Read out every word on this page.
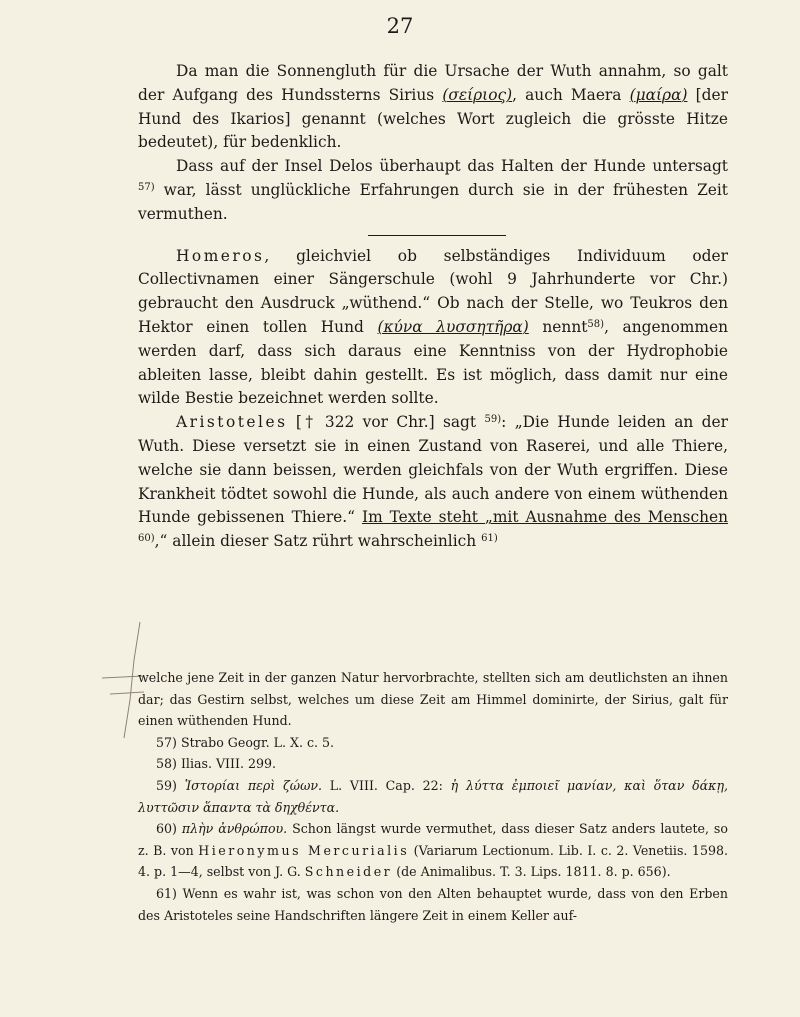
27

Da man die Sonnengluth für die Ursache der Wuth annahm, so galt der Aufgang des Hundssterns Sirius (σείριος), auch Maera (μαίρα) [der Hund des Ikarios] genannt (welches Wort zugleich die grösste Hitze bedeutet), für bedenklich.

Dass auf der Insel Delos überhaupt das Halten der Hunde untersagt $^{57)}$ war, lässt unglückliche Erfahrungen durch sie in der frühesten Zeit vermuthen.

Homeros, gleichviel ob selbständiges Individuum oder Collectivnamen einer Sängerschule (wohl 9 Jahrhunderte vor Chr.) gebraucht den Ausdruck „wüthend.“ Ob nach der Stelle, wo Teukros den Hektor einen tollen Hund (κύνα λυσσητῆρα) nennt$^{58)}$, angenommen werden darf, dass sich daraus eine Kenntniss von der Hydrophobie ableiten lasse, bleibt dahin gestellt. Es ist möglich, dass damit nur eine wilde Bestie bezeichnet werden sollte.

Aristoteles [† 322 vor Chr.] sagt $^{59)}$: „Die Hunde leiden an der Wuth. Diese versetzt sie in einen Zustand von Raserei, und alle Thiere, welche sie dann beissen, werden gleichfals von der Wuth ergriffen. Diese Krankheit tödtet sowohl die Hunde, als auch andere von einem wüthenden Hunde gebissenen Thiere.“ Im Texte steht „mit Ausnahme des Menschen $^{60)}$,“ allein dieser Satz rührt wahrscheinlich $^{61)}$

welche jene Zeit in der ganzen Natur hervorbrachte, stellten sich am deutlichsten an ihnen dar; das Gestirn selbst, welches um diese Zeit am Himmel dominirte, der Sirius, galt für einen wüthenden Hund.

57) Strabo Geogr. L. X. c. 5.

58) Ilias. VIII. 299.

59) Ἱστορίαι περὶ ζώων. L. VIII. Cap. 22: ἡ λύττα ἐμποιεῖ μανίαν, καὶ ὅταν δάκῃ, λυττῶσιν ἅπαντα τὰ δηχθέντα.

60) πλὴν ἀνθρώπου. Schon längst wurde vermuthet, dass dieser Satz anders lautete, so z. B. von Hieronymus Mercurialis (Variarum Lectionum. Lib. I. c. 2. Venetiis. 1598. 4. p. 1—4, selbst von J. G. Schneider (de Animalibus. T. 3. Lips. 1811. 8. p. 656).

61) Wenn es wahr ist, was schon von den Alten behauptet wurde, dass von den Erben des Aristoteles seine Handschriften längere Zeit in einem Keller auf-
